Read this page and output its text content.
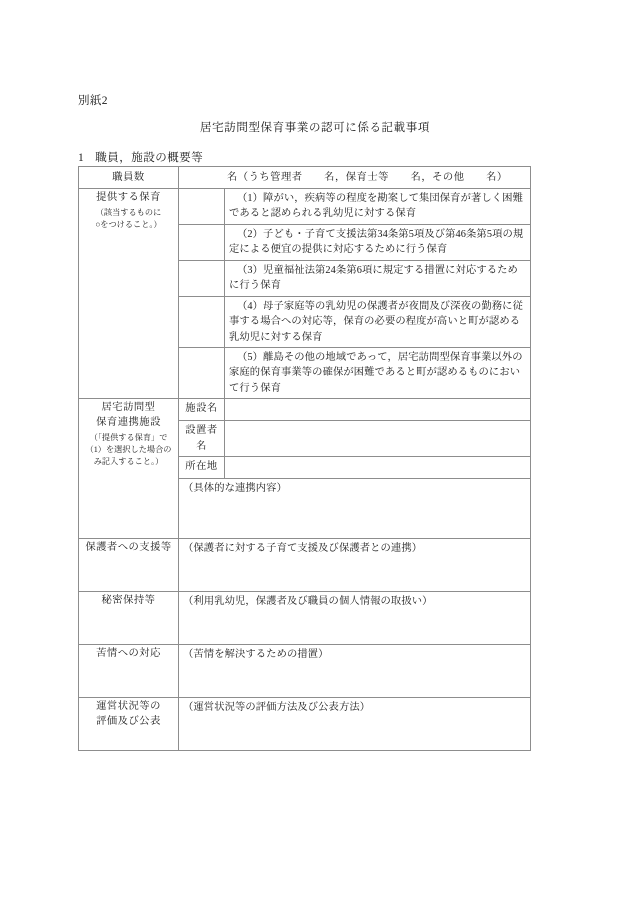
別紙2
居宅訪問型保育事業の認可に係る記載事項
1 職員，施設の概要等
職員数	名（うち管理者　　名，保育士等　　名，その他　　名）	

提供する保育
（該当するものに
○をつけること。）		（1）障がい，疾病等の程度を勘案して集団保育が著しく困難であると認められる乳幼児に対する保育
		（2）子ども・子育て支援法第34条第5項及び第46条第5項の規定による便宜の提供に対応するために行う保育
		（3）児童福祉法第24条第6項に規定する措置に対応するために行う保育
		（4）母子家庭等の乳幼児の保護者が夜間及び深夜の勤務に従事する場合への対応等，保育の必要の程度が高いと町が認める乳幼児に対する保育
		（5）離島その他の地域であって，居宅訪問型保育事業以外の家庭的保育事業等の確保が困難であると町が認めるものにおいて行う保育

居宅訪問型
保育連携施設
（「提供する保育」で
（1）を選択した場合の
み記入すること。）	施設名	
	設置者名	
	所在地	
	（具体的な連携内容）	

保護者への支援等	（保護者に対する子育て支援及び保護者との連携）	

秘密保持等	（利用乳幼児，保護者及び職員の個人情報の取扱い）	

苦情への対応	（苦情を解決するための措置）	

運営状況等の
評価及び公表	（運営状況等の評価方法及び公表方法）	
